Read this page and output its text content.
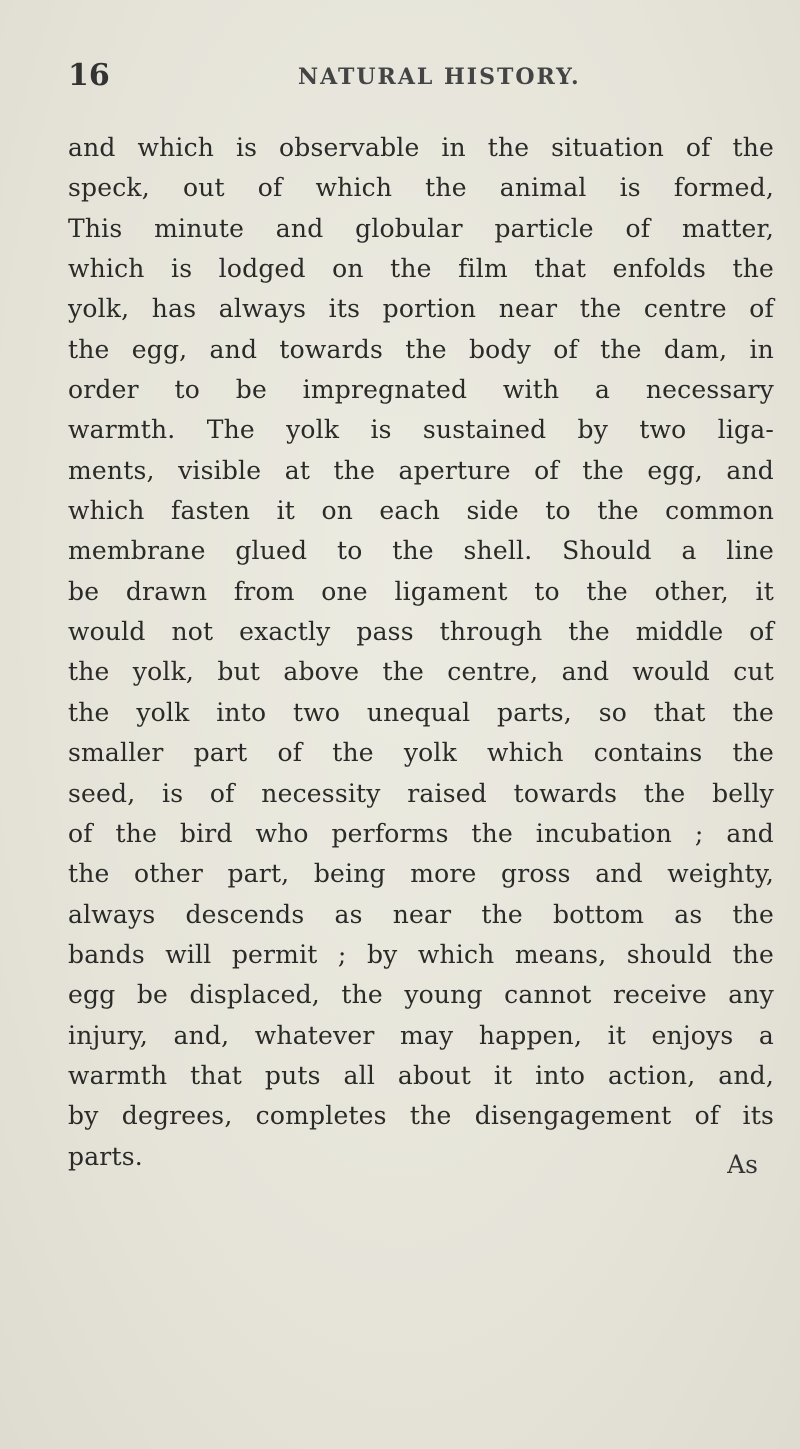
16	NATURAL HISTORY.
and which is observable in the situation of the
speck, out of which the animal is formed,
This minute and globular particle of matter,
which is lodged on the film that enfolds the
yolk, has always its portion near the centre of
the egg, and towards the body of the dam, in
order to be impregnated with a necessary
warmth. The yolk is sustained by two liga-
ments, visible at the aperture of the egg, and
which fasten it on each side to the common
membrane glued to the shell. Should a line
be drawn from one ligament to the other, it
would not exactly pass through the middle of
the yolk, but above the centre, and would cut
the yolk into two unequal parts, so that the
smaller part of the yolk which contains the
seed, is of necessity raised towards the belly
of the bird who performs the incubation ; and
the other part, being more gross and weighty,
always descends as near the bottom as the
bands will permit ; by which means, should the
egg be displaced, the young cannot receive any
injury, and, whatever may happen, it enjoys a
warmth that puts all about it into action, and,
by degrees, completes the disengagement of its
parts.	As
